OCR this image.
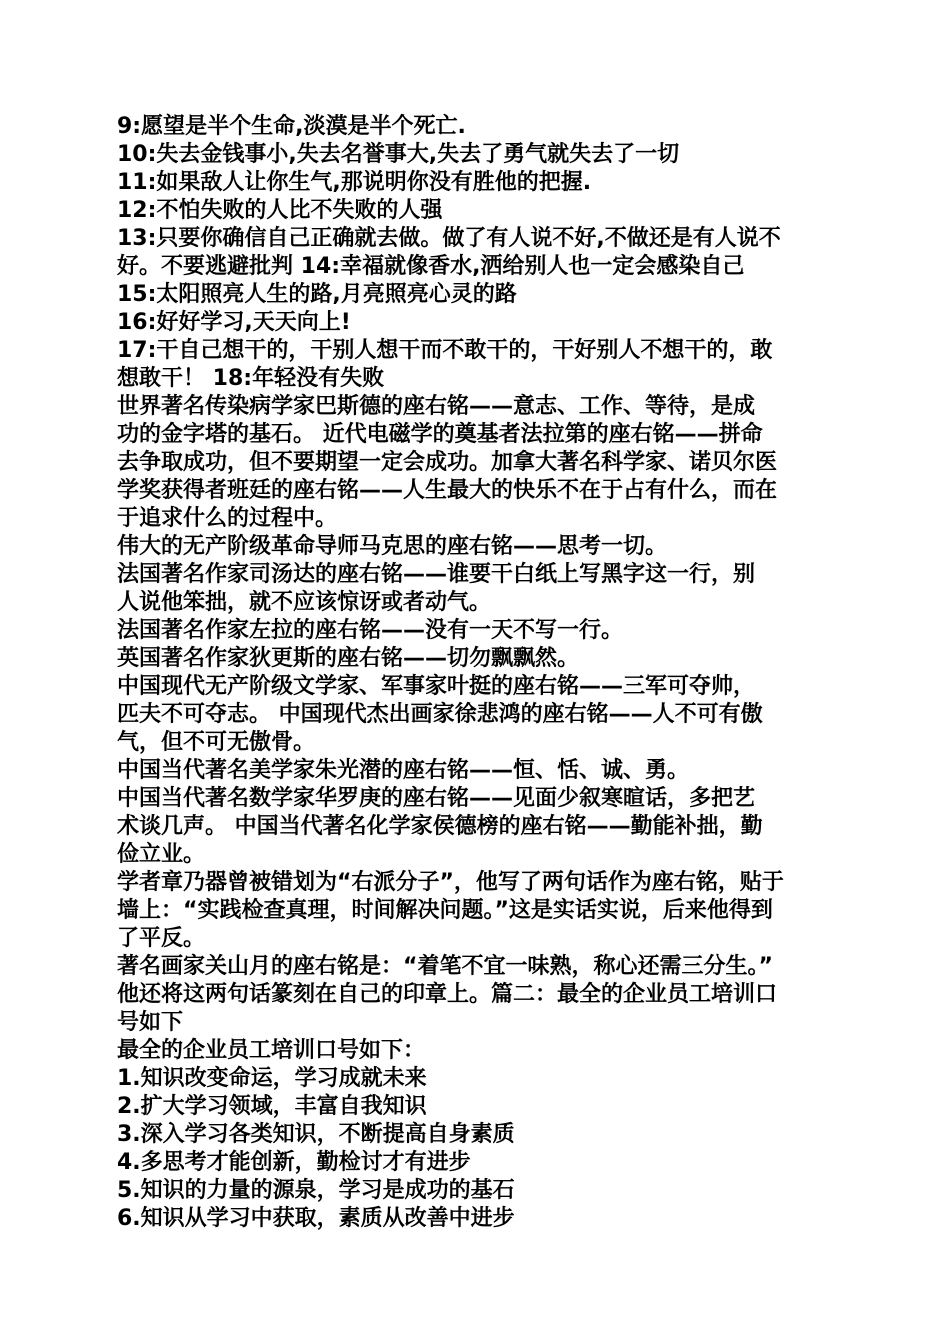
9:愿望是半个生命,淡漠是半个死亡.
10:失去金钱事小,失去名誉事大,失去了勇气就失去了一切
11:如果敌人让你生气,那说明你没有胜他的把握.
12:不怕失败的人比不失败的人强
13:只要你确信自己正确就去做。做了有人说不好,不做还是有人说不
好。不要逃避批判 14:幸福就像香水,洒给别人也一定会感染自己
15:太阳照亮人生的路,月亮照亮心灵的路
16:好好学习,天天向上!
17:干自己想干的，干别人想干而不敢干的，干好别人不想干的，敢
想敢干！ 18:年轻没有失败
世界著名传染病学家巴斯德的座右铭——意志、工作、等待，是成
功的金字塔的基石。 近代电磁学的奠基者法拉第的座右铭——拼命
去争取成功，但不要期望一定会成功。加拿大著名科学家、诺贝尔医
学奖获得者班廷的座右铭——人生最大的快乐不在于占有什么，而在
于追求什么的过程中。
伟大的无产阶级革命导师马克思的座右铭——思考一切。
法国著名作家司汤达的座右铭——谁要干白纸上写黑字这一行，别
人说他笨拙，就不应该惊讶或者动气。
法国著名作家左拉的座右铭——没有一天不写一行。
英国著名作家狄更斯的座右铭——切勿飘飘然。
中国现代无产阶级文学家、军事家叶挺的座右铭——三军可夺帅，
匹夫不可夺志。 中国现代杰出画家徐悲鸿的座右铭——人不可有傲
气，但不可无傲骨。
中国当代著名美学家朱光潜的座右铭——恒、恬、诚、勇。
中国当代著名数学家华罗庚的座右铭——见面少叙寒暄话，多把艺
术谈几声。 中国当代著名化学家侯德榜的座右铭——勤能补拙，勤
俭立业。
学者章乃器曾被错划为“右派分子”，他写了两句话作为座右铭，贴于
墙上：“实践检查真理，时间解决问题。”这是实话实说，后来他得到
了平反。
著名画家关山月的座右铭是：“着笔不宜一味熟，称心还需三分生。”
他还将这两句话篆刻在自己的印章上。篇二：最全的企业员工培训口
号如下
最全的企业员工培训口号如下：
1.知识改变命运，学习成就未来
2.扩大学习领域，丰富自我知识
3.深入学习各类知识，不断提高自身素质
4.多思考才能创新，勤检讨才有进步
5.知识的力量的源泉，学习是成功的基石
6.知识从学习中获取，素质从改善中进步
